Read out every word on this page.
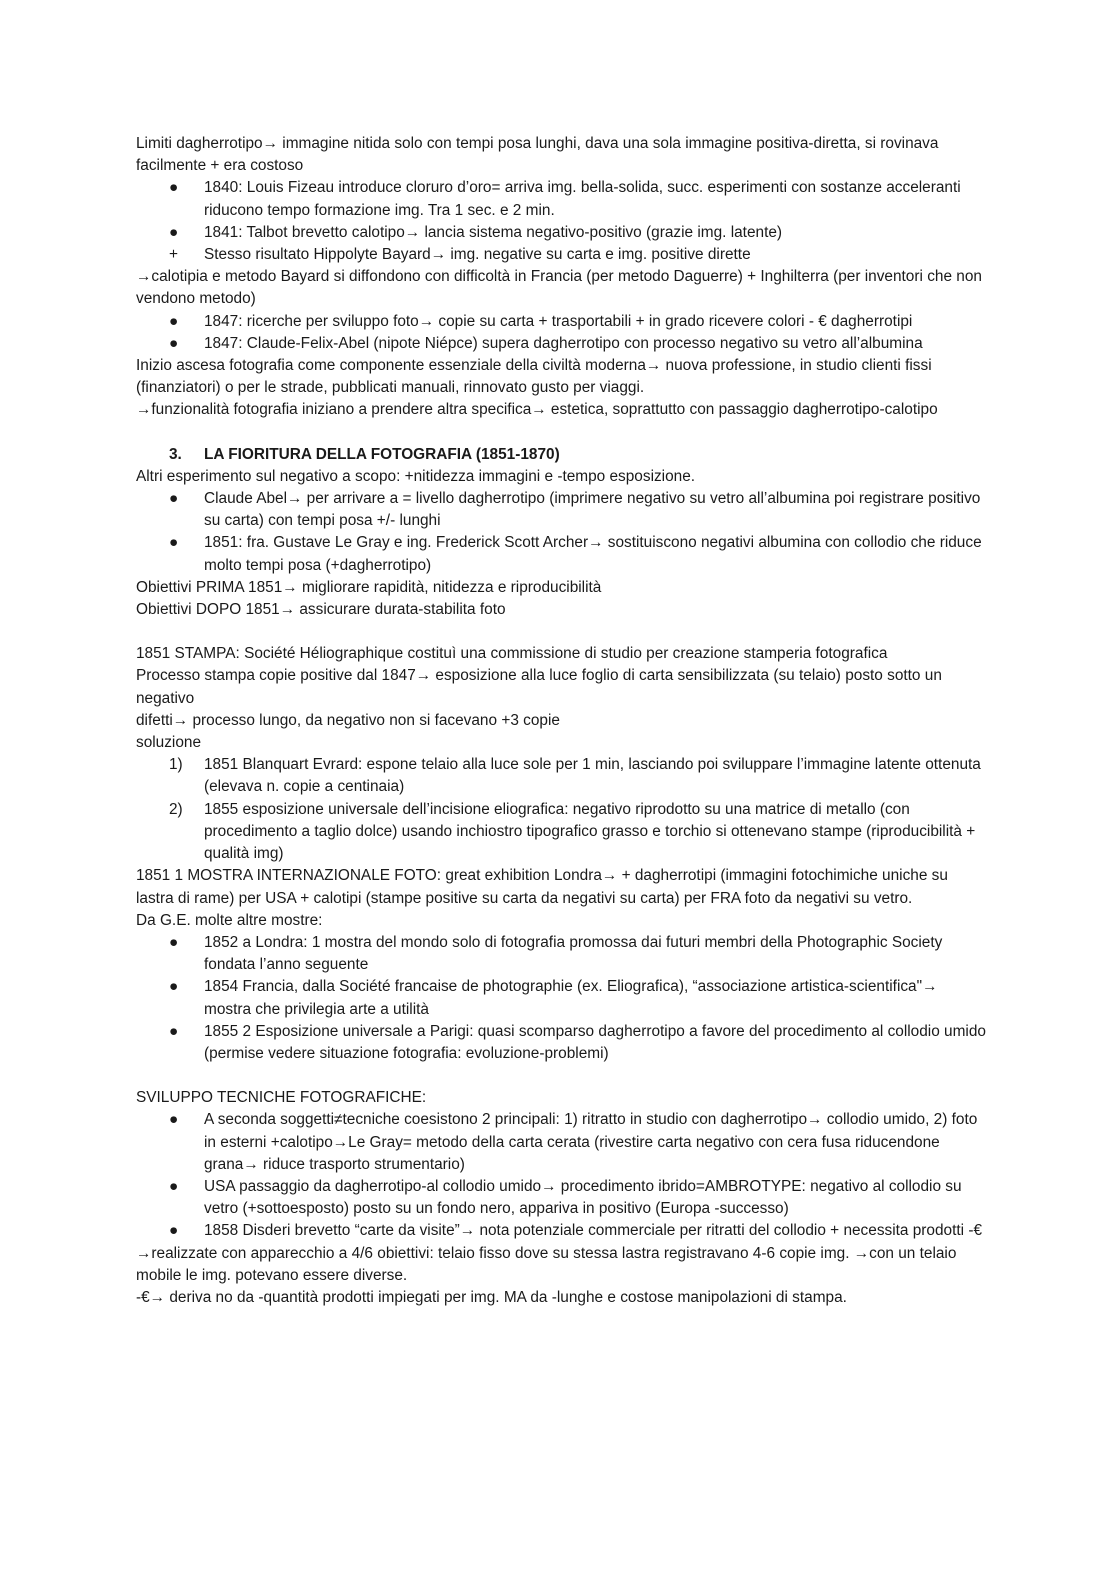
Limiti dagherrotipo→ immagine nitida solo con tempi posa lunghi, dava una sola immagine positiva-diretta, si rovinava facilmente + era costoso

● 1840: Louis Fizeau introduce cloruro d’oro= arriva img. bella-solida, succ. esperimenti con sostanze acceleranti riducono tempo formazione img. Tra 1 sec. e 2 min.
● 1841: Talbot brevetto calotipo→ lancia sistema negativo-positivo (grazie img. latente)
+ Stesso risultato Hippolyte Bayard→ img. negative su carta e img. positive dirette

→calotipia e metodo Bayard si diffondono con difficoltà in Francia (per metodo Daguerre) + Inghilterra (per inventori che non vendono metodo)

● 1847: ricerche per sviluppo foto→ copie su carta + trasportabili + in grado ricevere colori - € dagherrotipi
● 1847: Claude-Felix-Abel (nipote Niépce) supera dagherrotipo con processo negativo su vetro all’albumina

Inizio ascesa fotografia come componente essenziale della civiltà moderna→ nuova professione, in studio clienti fissi (finanziatori) o per le strade, pubblicati manuali, rinnovato gusto per viaggi.

→funzionalità fotografia iniziano a prendere altra specifica→ estetica, soprattutto con passaggio dagherrotipo-calotipo

3. LA FIORITURA DELLA FOTOGRAFIA (1851-1870)

Altri esperimento sul negativo a scopo: +nitidezza immagini e -tempo esposizione.

● Claude Abel→ per arrivare a = livello dagherrotipo (imprimere negativo su vetro all’albumina poi registrare positivo su carta) con tempi posa +/- lunghi
● 1851: fra. Gustave Le Gray e ing. Frederick Scott Archer→ sostituiscono negativi albumina con collodio che riduce molto tempi posa (+dagherrotipo)

Obiettivi PRIMA 1851→ migliorare rapidità, nitidezza e riproducibilità

Obiettivi DOPO 1851→ assicurare durata-stabilita foto

1851 STAMPA: Société Héliographique costituì una commissione di studio per creazione stamperia fotografica

Processo stampa copie positive dal 1847→ esposizione alla luce foglio di carta sensibilizzata (su telaio) posto sotto un negativo

difetti→ processo lungo, da negativo non si facevano +3 copie

soluzione

1) 1851 Blanquart Evrard: espone telaio alla luce sole per 1 min, lasciando poi sviluppare l’immagine latente ottenuta (elevava n. copie a centinaia)
2) 1855 esposizione universale dell’incisione eliografica: negativo riprodotto su una matrice di metallo (con procedimento a taglio dolce) usando inchiostro tipografico grasso e torchio si ottenevano stampe (riproducibilità + qualità img)

1851 1 MOSTRA INTERNAZIONALE FOTO: great exhibition Londra→ + dagherrotipi (immagini fotochimiche uniche su lastra di rame) per USA + calotipi (stampe positive su carta da negativi su carta) per FRA foto da negativi su vetro.

Da G.E. molte altre mostre:

● 1852 a Londra: 1 mostra del mondo solo di fotografia promossa dai futuri membri della Photographic Society fondata l’anno seguente
● 1854 Francia, dalla Société francaise de photographie (ex. Eliografica), “associazione artistica-scientifica"→ mostra che privilegia arte a utilità
● 1855 2 Esposizione universale a Parigi: quasi scomparso dagherrotipo a favore del procedimento al collodio umido (permise vedere situazione fotografia: evoluzione-problemi)

SVILUPPO TECNICHE FOTOGRAFICHE:

● A seconda soggetti≠tecniche coesistono 2 principali: 1) ritratto in studio con dagherrotipo→ collodio umido, 2) foto in esterni +calotipo→Le Gray= metodo della carta cerata (rivestire carta negativo con cera fusa riducendone grana→ riduce trasporto strumentario)
● USA passaggio da dagherrotipo-al collodio umido→ procedimento ibrido=AMBROTYPE: negativo al collodio su vetro (+sottoesposto) posto su un fondo nero, appariva in positivo (Europa -successo)
● 1858 Disderi brevetto “carte da visite”→ nota potenziale commerciale per ritratti del collodio + necessita prodotti -€

→realizzate con apparecchio a 4/6 obiettivi: telaio fisso dove su stessa lastra registravano 4-6 copie img. →con un telaio mobile le img. potevano essere diverse.

-€→ deriva no da -quantità prodotti impiegati per img. MA da -lunghe e costose manipolazioni di stampa.
